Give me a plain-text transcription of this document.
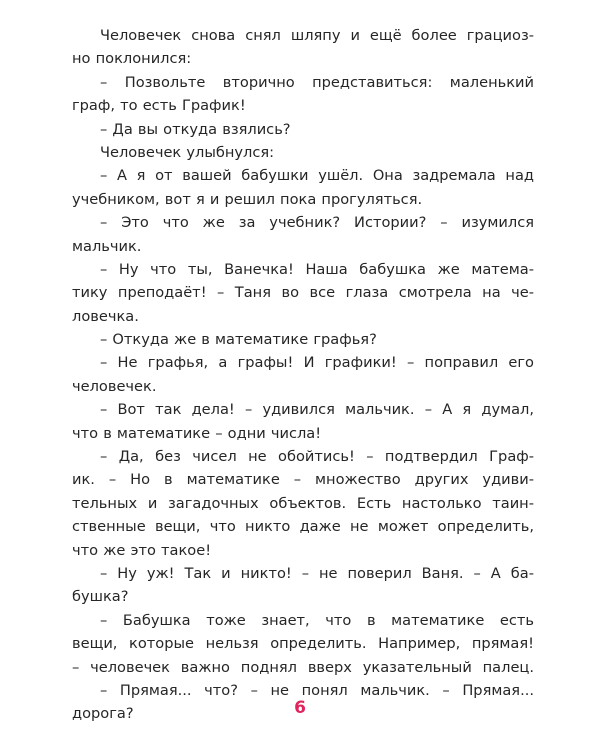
Человечек снова снял шляпу и ещё более грациоз-
но поклонился:
– Позвольте вторично представиться: маленький
граф, то есть График!
– Да вы откуда взялись?
Человечек улыбнулся:
– А я от вашей бабушки ушёл. Она задремала над
учебником, вот я и решил пока прогуляться.
– Это что же за учебник? Истории? – изумился
мальчик.
– Ну что ты, Ванечка! Наша бабушка же матема-
тику преподаёт! – Таня во все глаза смотрела на че-
ловечка.
– Откуда же в математике графья?
– Не графья, а графы! И графики! – поправил его
человечек.
– Вот так дела! – удивился мальчик. – А я думал,
что в математике – одни числа!
– Да, без чисел не обойтись! – подтвердил Граф-
ик. – Но в математике – множество других удиви-
тельных и загадочных объектов. Есть настолько таин-
ственные вещи, что никто даже не может определить,
что же это такое!
– Ну уж! Так и никто! – не поверил Ваня. – А ба-
бушка?
– Бабушка тоже знает, что в математике есть
вещи, которые нельзя определить. Например, прямая!
– человечек важно поднял вверх указательный палец.
– Прямая... что? – не понял мальчик. – Прямая...
дорога?	6
